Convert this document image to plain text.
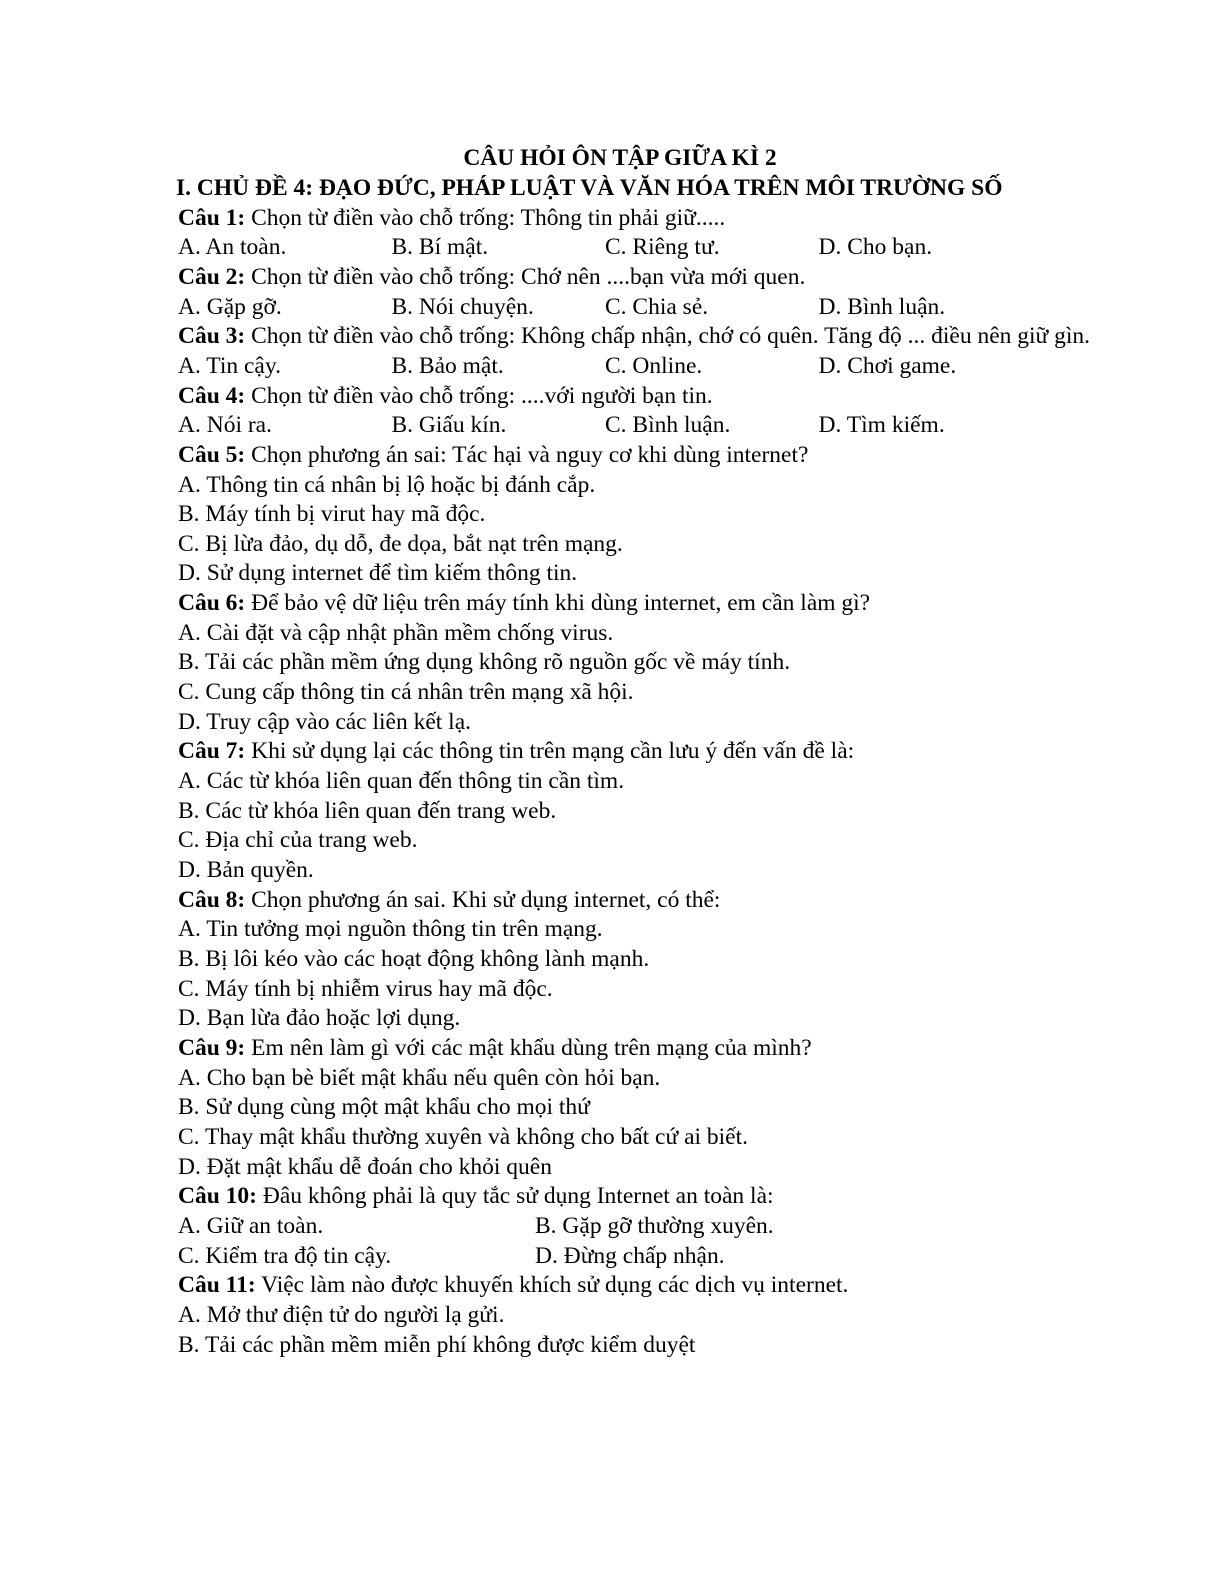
CÂU HỎI ÔN TẬP GIỮA KÌ 2
I. CHỦ ĐỀ 4: ĐẠO ĐỨC, PHÁP LUẬT VÀ VĂN HÓA TRÊN MÔI TRƯỜNG SỐ
Câu 1: Chọn từ điền vào chỗ trống: Thông tin phải giữ.....
A. An toàn.	B. Bí mật.	C. Riêng tư.	D. Cho bạn.
Câu 2: Chọn từ điền vào chỗ trống: Chớ nên ....bạn vừa mới quen.
A. Gặp gỡ.	B. Nói chuyện.	C. Chia sẻ.	D. Bình luận.
Câu 3: Chọn từ điền vào chỗ trống: Không chấp nhận, chớ có quên. Tăng độ ... điều nên giữ gìn.
A. Tin cậy.	B. Bảo mật.	C. Online.	D. Chơi game.
Câu 4: Chọn từ điền vào chỗ trống: ....với người bạn tin.
A. Nói ra.	B. Giấu kín.	C. Bình luận.	D. Tìm kiếm.
Câu 5: Chọn phương án sai: Tác hại và nguy cơ khi dùng internet?
A. Thông tin cá nhân bị lộ hoặc bị đánh cắp.
B. Máy tính bị virut hay mã độc.
C. Bị lừa đảo, dụ dỗ, đe dọa, bắt nạt trên mạng.
D. Sử dụng internet để tìm kiếm thông tin.
Câu 6: Để bảo vệ dữ liệu trên máy tính khi dùng internet, em cần làm gì?
A. Cài đặt và cập nhật phần mềm chống virus.
B. Tải các phần mềm ứng dụng không rõ nguồn gốc về máy tính.
C. Cung cấp thông tin cá nhân trên mạng xã hội.
D. Truy cập vào các liên kết lạ.
Câu 7: Khi sử dụng lại các thông tin trên mạng cần lưu ý đến vấn đề là:
A. Các từ khóa liên quan đến thông tin cần tìm.
B. Các từ khóa liên quan đến trang web.
C. Địa chỉ của trang web.
D. Bản quyền.
Câu 8: Chọn phương án sai. Khi sử dụng internet, có thể:
A. Tin tưởng mọi nguồn thông tin trên mạng.
B. Bị lôi kéo vào các hoạt động không lành mạnh.
C. Máy tính bị nhiễm virus hay mã độc.
D. Bạn lừa đảo hoặc lợi dụng.
Câu 9: Em nên làm gì với các mật khẩu dùng trên mạng của mình?
A. Cho bạn bè biết mật khẩu nếu quên còn hỏi bạn.
B. Sử dụng cùng một mật khẩu cho mọi thứ
C. Thay mật khẩu thường xuyên và không cho bất cứ ai biết.
D. Đặt mật khẩu dễ đoán cho khỏi quên
Câu 10: Đâu không phải là quy tắc sử dụng Internet an toàn là:
A. Giữ an toàn.	B. Gặp gỡ thường xuyên.
C. Kiểm tra độ tin cậy.	D. Đừng chấp nhận.
Câu 11: Việc làm nào được khuyến khích sử dụng các dịch vụ internet.
A. Mở thư điện tử do người lạ gửi.
B. Tải các phần mềm miễn phí không được kiểm duyệt
